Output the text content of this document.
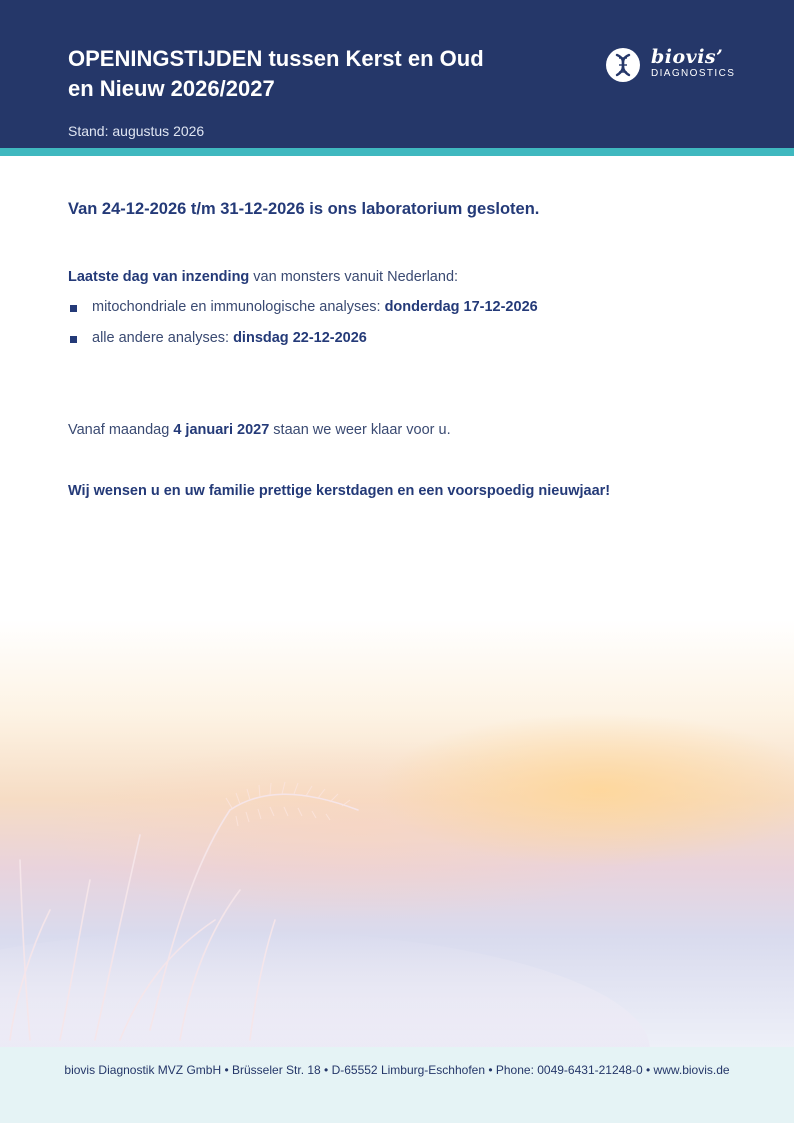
OPENINGSTIJDEN tussen Kerst en Oud
en Nieuw 2026/2027
Stand: augustus 2026
biovis’
DIAGNOSTICS
Van 24-12-2026 t/m 31-12-2026 is ons laboratorium gesloten.

Laatste dag van inzending van monsters vanuit Nederland:

mitochondriale en immunologische analyses: donderdag 17-12-2026
alle andere analyses: dinsdag 22-12-2026

Vanaf maandag 4 januari 2027 staan we weer klaar voor u.

Wij wensen u en uw familie prettige kerstdagen en een voorspoedig nieuwjaar!

biovis Diagnostik MVZ GmbH • Brüsseler Str. 18 • D-65552 Limburg-Eschhofen • Phone: 0049-6431-21248-0 • www.biovis.de
